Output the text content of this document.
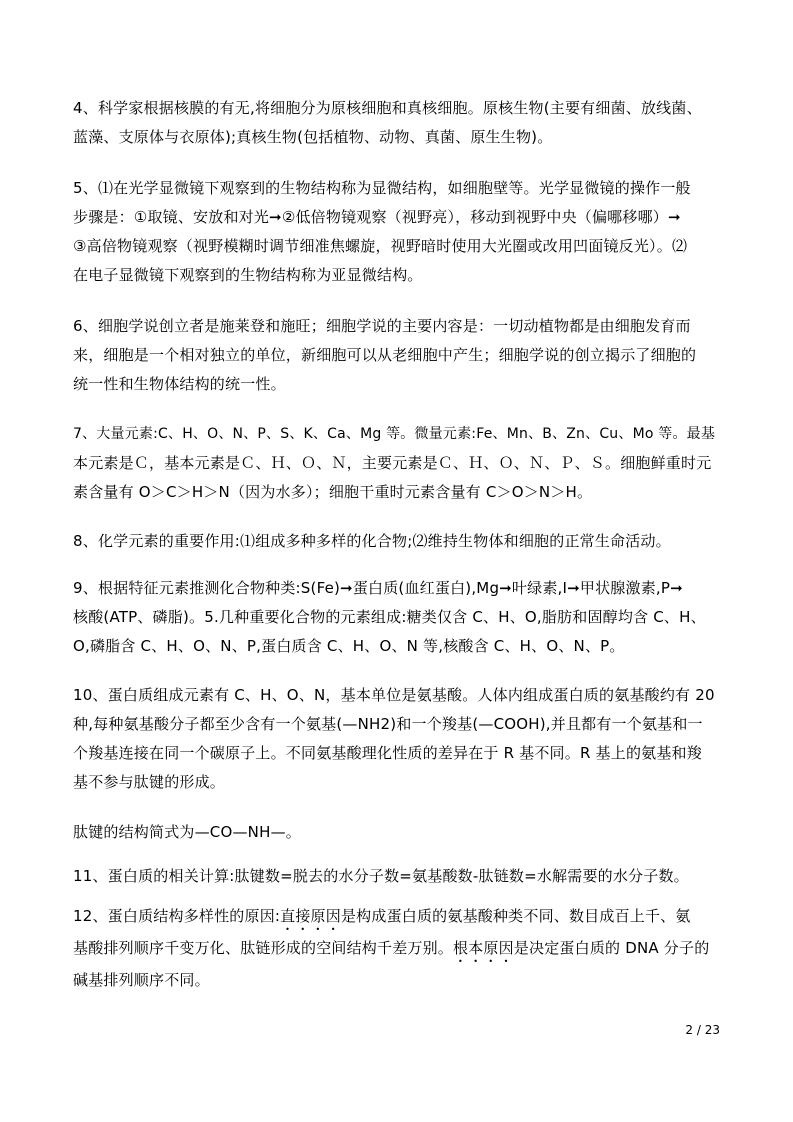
4、科学家根据核膜的有无,将细胞分为原核细胞和真核细胞。原核生物(主要有细菌、放线菌、
蓝藻、支原体与衣原体);真核生物(包括植物、动物、真菌、原生生物)。
5、⑴在光学显微镜下观察到的生物结构称为显微结构，如细胞壁等。光学显微镜的操作一般
步骤是：①取镜、安放和对光➞②低倍物镜观察（视野亮），移动到视野中央（偏哪移哪）➞
③高倍物镜观察（视野模糊时调节细准焦螺旋，视野暗时使用大光圈或改用凹面镜反光）。⑵
在电子显微镜下观察到的生物结构称为亚显微结构。
6、细胞学说创立者是施莱登和施旺；细胞学说的主要内容是：一切动植物都是由细胞发育而
来，细胞是一个相对独立的单位，新细胞可以从老细胞中产生；细胞学说的创立揭示了细胞的
统一性和生物体结构的统一性。
7、大量元素:C、H、O、N、P、S、K、Ca、Mg 等。微量元素:Fe、Mn、B、Zn、Cu、Mo 等。最基
本元素是Ｃ，基本元素是Ｃ、Ｈ、Ｏ、Ｎ，主要元素是Ｃ、Ｈ、Ｏ、Ｎ、Ｐ、Ｓ。细胞鲜重时元
素含量有 O＞C＞H＞N（因为水多）；细胞干重时元素含量有 C＞O＞N＞H。
8、化学元素的重要作用:⑴组成多种多样的化合物;⑵维持生物体和细胞的正常生命活动。
9、根据特征元素推测化合物种类:S(Fe)➞蛋白质(血红蛋白),Mg➞叶绿素,I➞甲状腺激素,P➞
核酸(ATP、磷脂)。5.几种重要化合物的元素组成:糖类仅含 C、H、O,脂肪和固醇均含 C、H、
O,磷脂含 C、H、O、N、P,蛋白质含 C、H、O、N 等,核酸含 C、H、O、N、P。
10、蛋白质组成元素有 C、H、O、N，基本单位是氨基酸。人体内组成蛋白质的氨基酸约有 20
种,每种氨基酸分子都至少含有一个氨基(—NH2)和一个羧基(—COOH),并且都有一个氨基和一
个羧基连接在同一个碳原子上。不同氨基酸理化性质的差异在于 R 基不同。R 基上的氨基和羧
基不参与肽键的形成。
肽键的结构简式为—CO—NH—。
11、蛋白质的相关计算:肽键数=脱去的水分子数=氨基酸数-肽链数=水解需要的水分子数。
12、蛋白质结构多样性的原因:直接原因是构成蛋白质的氨基酸种类不同、数目成百上千、氨
基酸排列顺序千变万化、肽链形成的空间结构千差万别。根本原因是决定蛋白质的 DNA 分子的
碱基排列顺序不同。
2 / 23
